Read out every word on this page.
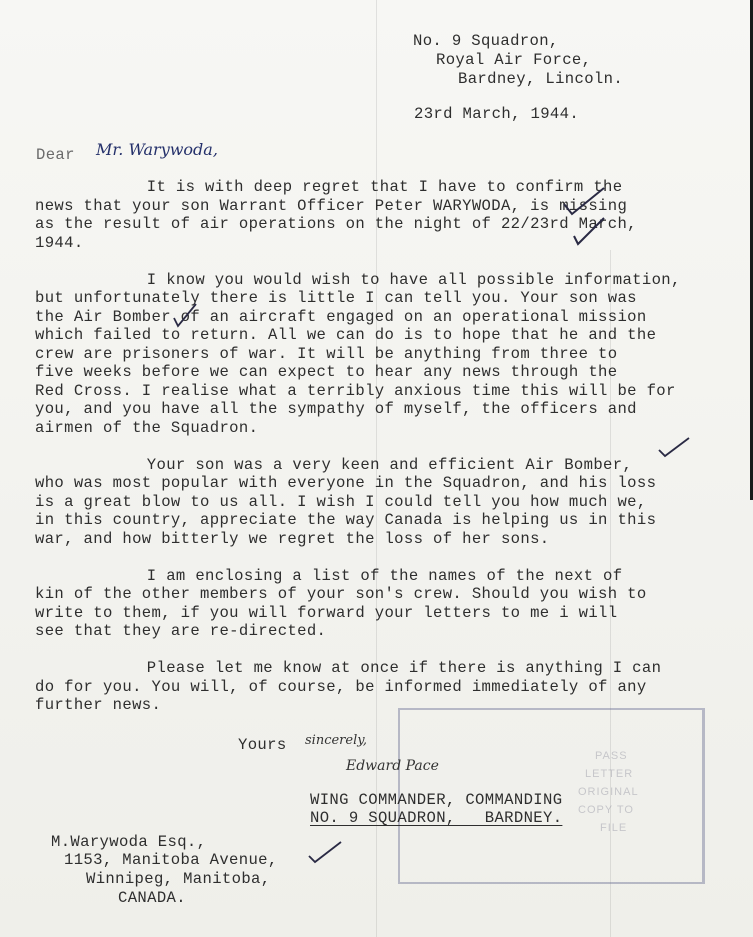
No. 9 Squadron,
Royal Air Force,
Bardney, Lincoln.
23rd March, 1944.
Dear Mr. Warywoda,
It is with deep regret that I have to confirm the
news that your son Warrant Officer Peter WARYWODA, is missing
as the result of air operations on the night of 22/23rd March,
1944.
I know you would wish to have all possible information,
but unfortunately there is little I can tell you. Your son was
the Air Bomber of an aircraft engaged on an operational mission
which failed to return. All we can do is to hope that he and the
crew are prisoners of war. It will be anything from three to
five weeks before we can expect to hear any news through the
Red Cross. I realise what a terribly anxious time this will be for
you, and you have all the sympathy of myself, the officers and
airmen of the Squadron.
Your son was a very keen and efficient Air Bomber,
who was most popular with everyone in the Squadron, and his loss
is a great blow to us all. I wish I could tell you how much we,
in this country, appreciate the way Canada is helping us in this
war, and how bitterly we regret the loss of her sons.
I am enclosing a list of the names of the next of
kin of the other members of your son's crew. Should you wish to
write to them, if you will forward your letters to me i will
see that they are re-directed.
Please let me know at once if there is anything I can
do for you. You will, of course, be informed immediately of any
further news.
PASS
LETTER
ORIGINAL
COPY TO
FILE
Yours sincerely,
Edward Pace
WING COMMANDER, COMMANDING
NO. 9 SQUADRON,   BARDNEY.
M.Warywoda Esq.,
1153, Manitoba Avenue,
Winnipeg, Manitoba,
CANADA.
